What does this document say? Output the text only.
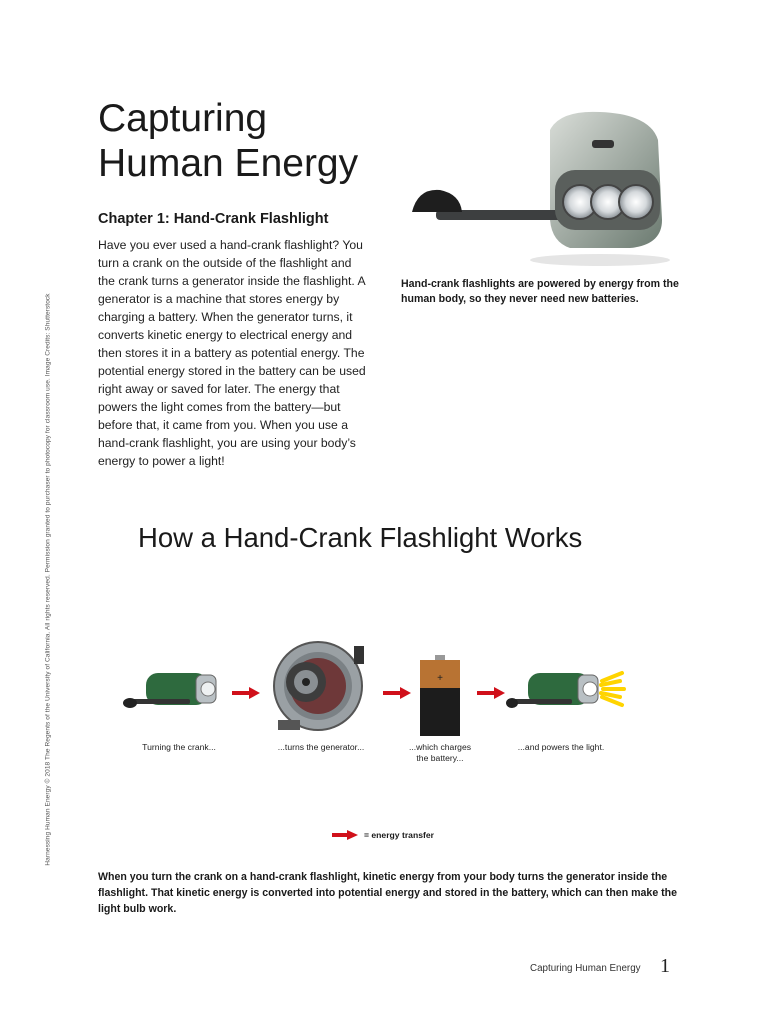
Harnessing Human Energy © 2018 The Regents of the University of California. All rights reserved. Permission granted to purchaser to photocopy for classroom use. Image Credits: Shutterstock
Capturing Human Energy
Chapter 1: Hand-Crank Flashlight

Have you ever used a hand-crank flashlight? You turn a crank on the outside of the flashlight and the crank turns a generator inside the flashlight. A generator is a machine that stores energy by charging a battery. When the generator turns, it converts kinetic energy to electrical energy and then stores it in a battery as potential energy. The potential energy stored in the battery can be used right away or saved for later. The energy that powers the light comes from the battery—but before that, it came from you. When you use a hand-crank flashlight, you are using your body’s energy to power a light!

Hand-crank flashlights are powered by energy from the human body, so they never need new batteries.

How a Hand-Crank Flashlight Works
+
Turning the crank...	...turns the generator...	...which charges the battery...
...and powers the light.
= energy transfer

When you turn the crank on a hand-crank flashlight, kinetic energy from your body turns the generator inside the flashlight. That kinetic energy is converted into potential energy and stored in the battery, which can then make the light bulb work.

Capturing Human Energy 1
